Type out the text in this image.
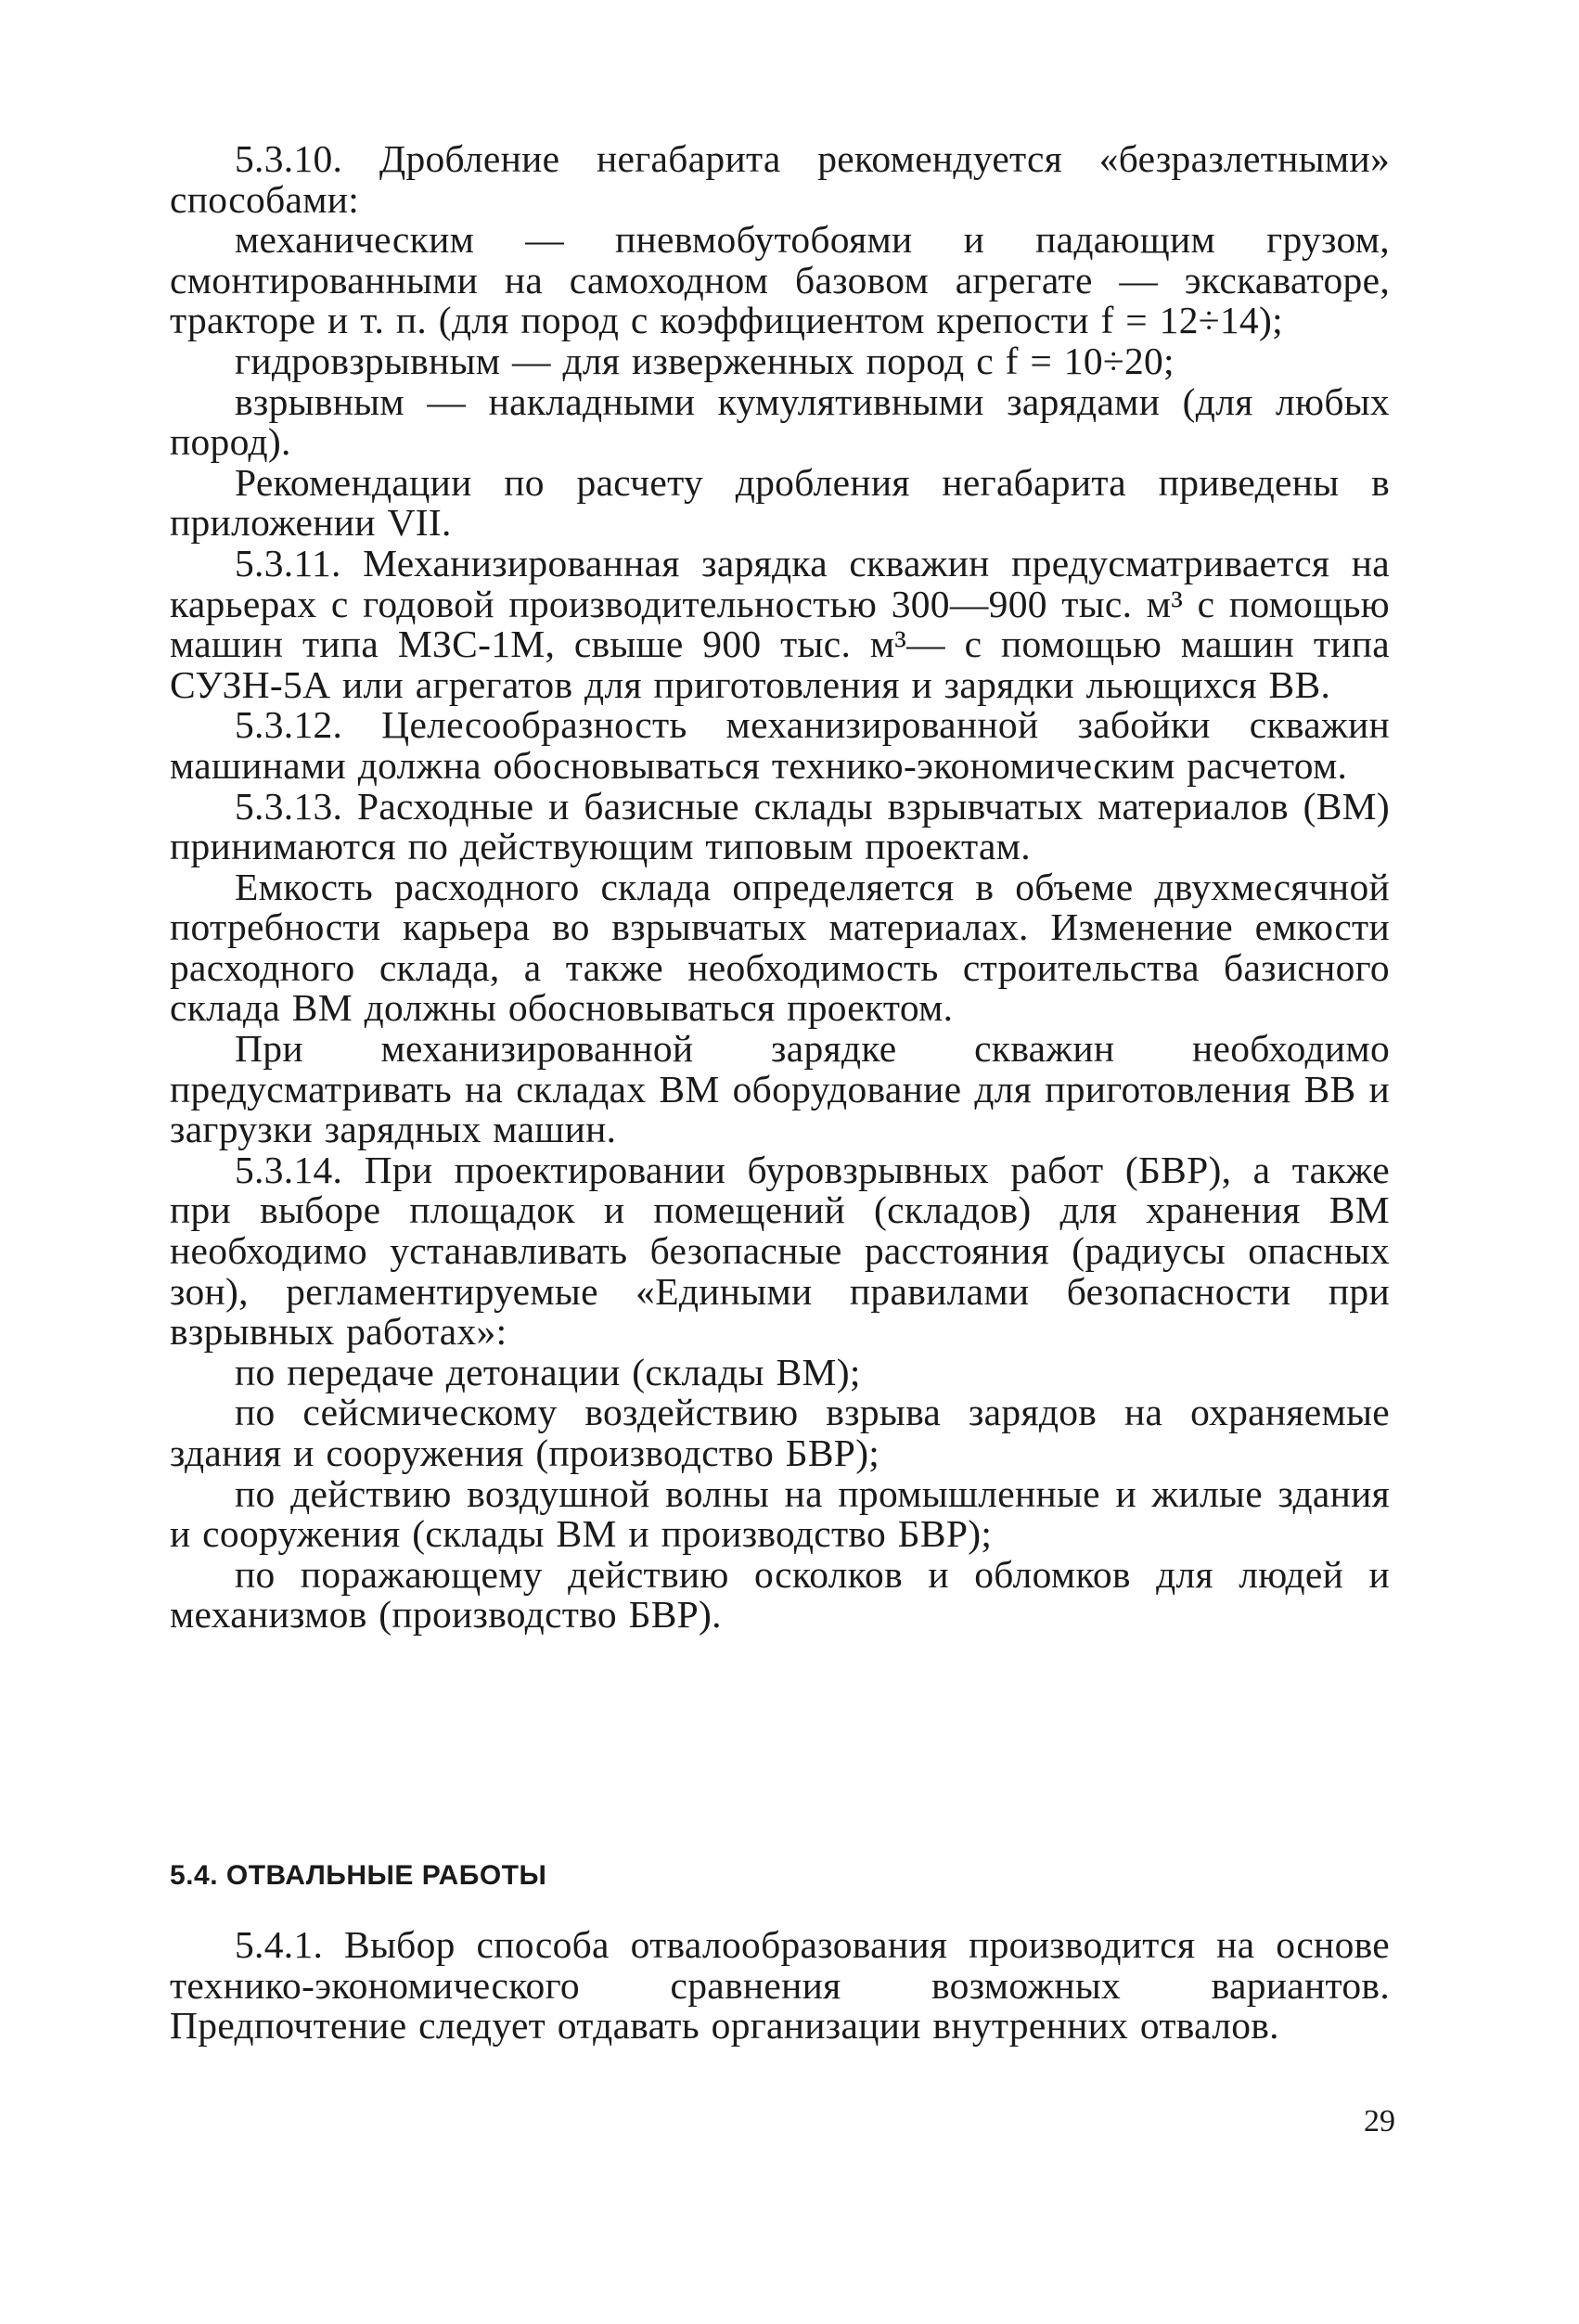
5.3.10. Дробление негабарита рекомендуется «безразлетными» способами:

механическим — пневмобутобоями и падающим грузом, смонтированными на самоходном базовом агрегате — экскаваторе, тракторе и т. п. (для пород с коэффициентом крепости f = 12÷14);

гидровзрывным — для изверженных пород с f = 10÷20;

взрывным — накладными кумулятивными зарядами (для любых пород).

Рекомендации по расчету дробления негабарита приведены в приложении VII.

5.3.11. Механизированная зарядка скважин предусматривается на карьерах с годовой производительностью 300—900 тыс. м³ с помощью машин типа МЗС-1М, свыше 900 тыс. м³— с помощью машин типа СУЗН-5А или агрегатов для приготовления и зарядки льющихся ВВ.

5.3.12. Целесообразность механизированной забойки скважин машинами должна обосновываться технико-экономическим расчетом.

5.3.13. Расходные и базисные склады взрывчатых материалов (ВМ) принимаются по действующим типовым проектам.

Емкость расходного склада определяется в объеме двухмесячной потребности карьера во взрывчатых материалах. Изменение емкости расходного склада, а также необходимость строительства базисного склада ВМ должны обосновываться проектом.

При механизированной зарядке скважин необходимо предусматривать на складах ВМ оборудование для приготовления ВВ и загрузки зарядных машин.

5.3.14. При проектировании буровзрывных работ (БВР), а также при выборе площадок и помещений (складов) для хранения ВМ необходимо устанавливать безопасные расстояния (радиусы опасных зон), регламентируемые «Едиными правилами безопасности при взрывных работах»:

по передаче детонации (склады ВМ);

по сейсмическому воздействию взрыва зарядов на охраняемые здания и сооружения (производство БВР);

по действию воздушной волны на промышленные и жилые здания и сооружения (склады ВМ и производство БВР);

по поражающему действию осколков и обломков для людей и механизмов (производство БВР).

5.4. ОТВАЛЬНЫЕ РАБОТЫ

5.4.1. Выбор способа отвалообразования производится на основе технико-экономического сравнения возможных вариантов. Предпочтение следует отдавать организации внутренних отвалов.

29
